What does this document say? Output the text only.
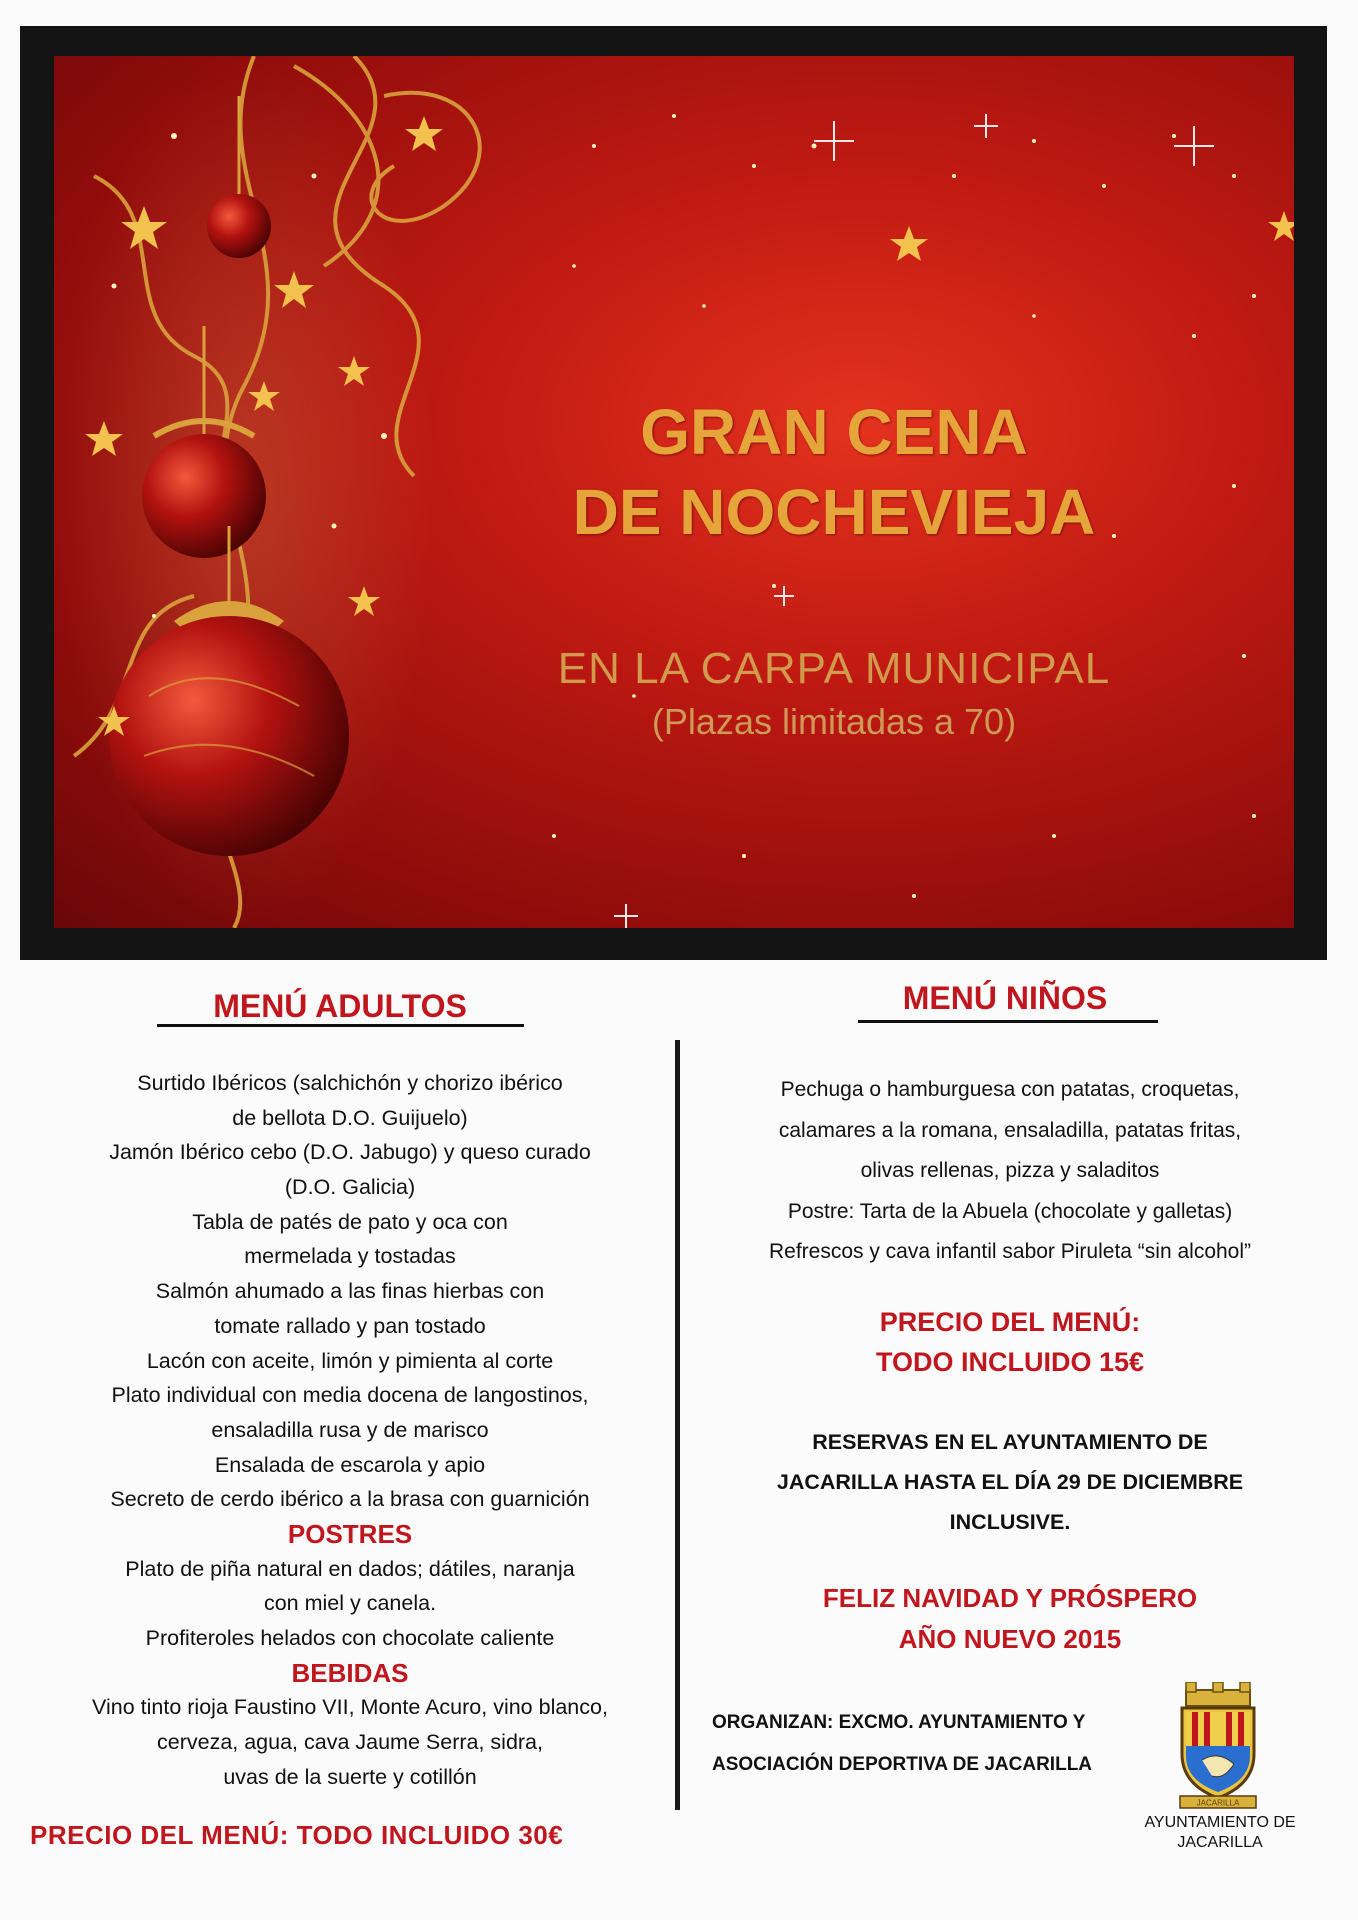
GRAN CENA
DE NOCHEVIEJA
EN LA CARPA MUNICIPAL
(Plazas limitadas a 70)
MENÚ ADULTOS
Surtido Ibéricos (salchichón y chorizo ibérico
de bellota D.O. Guijuelo)
Jamón Ibérico cebo (D.O. Jabugo) y queso curado
(D.O. Galicia)
Tabla de patés de pato y oca con
mermelada y tostadas
Salmón ahumado a las finas hierbas con
tomate rallado y pan tostado
Lacón con aceite, limón y pimienta al corte
Plato individual con media docena de langostinos,
ensaladilla rusa y de marisco
Ensalada de escarola y apio
Secreto de cerdo ibérico a la brasa con guarnición
POSTRES
Plato de piña natural en dados; dátiles, naranja
con miel y canela.
Profiteroles helados con chocolate caliente
BEBIDAS
Vino tinto rioja Faustino VII, Monte Acuro, vino blanco,
cerveza, agua, cava Jaume Serra, sidra,
uvas de la suerte y cotillón
PRECIO DEL MENÚ: TODO INCLUIDO 30€
MENÚ NIÑOS
Pechuga o hamburguesa con patatas, croquetas,
calamares a la romana, ensaladilla, patatas fritas,
olivas rellenas, pizza y saladitos
Postre: Tarta de la Abuela (chocolate y galletas)
Refrescos y cava infantil sabor Piruleta “sin alcohol”
PRECIO DEL MENÚ:
TODO INCLUIDO 15€
RESERVAS EN EL AYUNTAMIENTO DE
JACARILLA HASTA EL DÍA 29 DE DICIEMBRE
INCLUSIVE.
FELIZ NAVIDAD Y PRÓSPERO
AÑO NUEVO 2015
ORGANIZAN: EXCMO. AYUNTAMIENTO Y
ASOCIACIÓN DEPORTIVA DE JACARILLA
JACARILLA
AYUNTAMIENTO DE
JACARILLA
